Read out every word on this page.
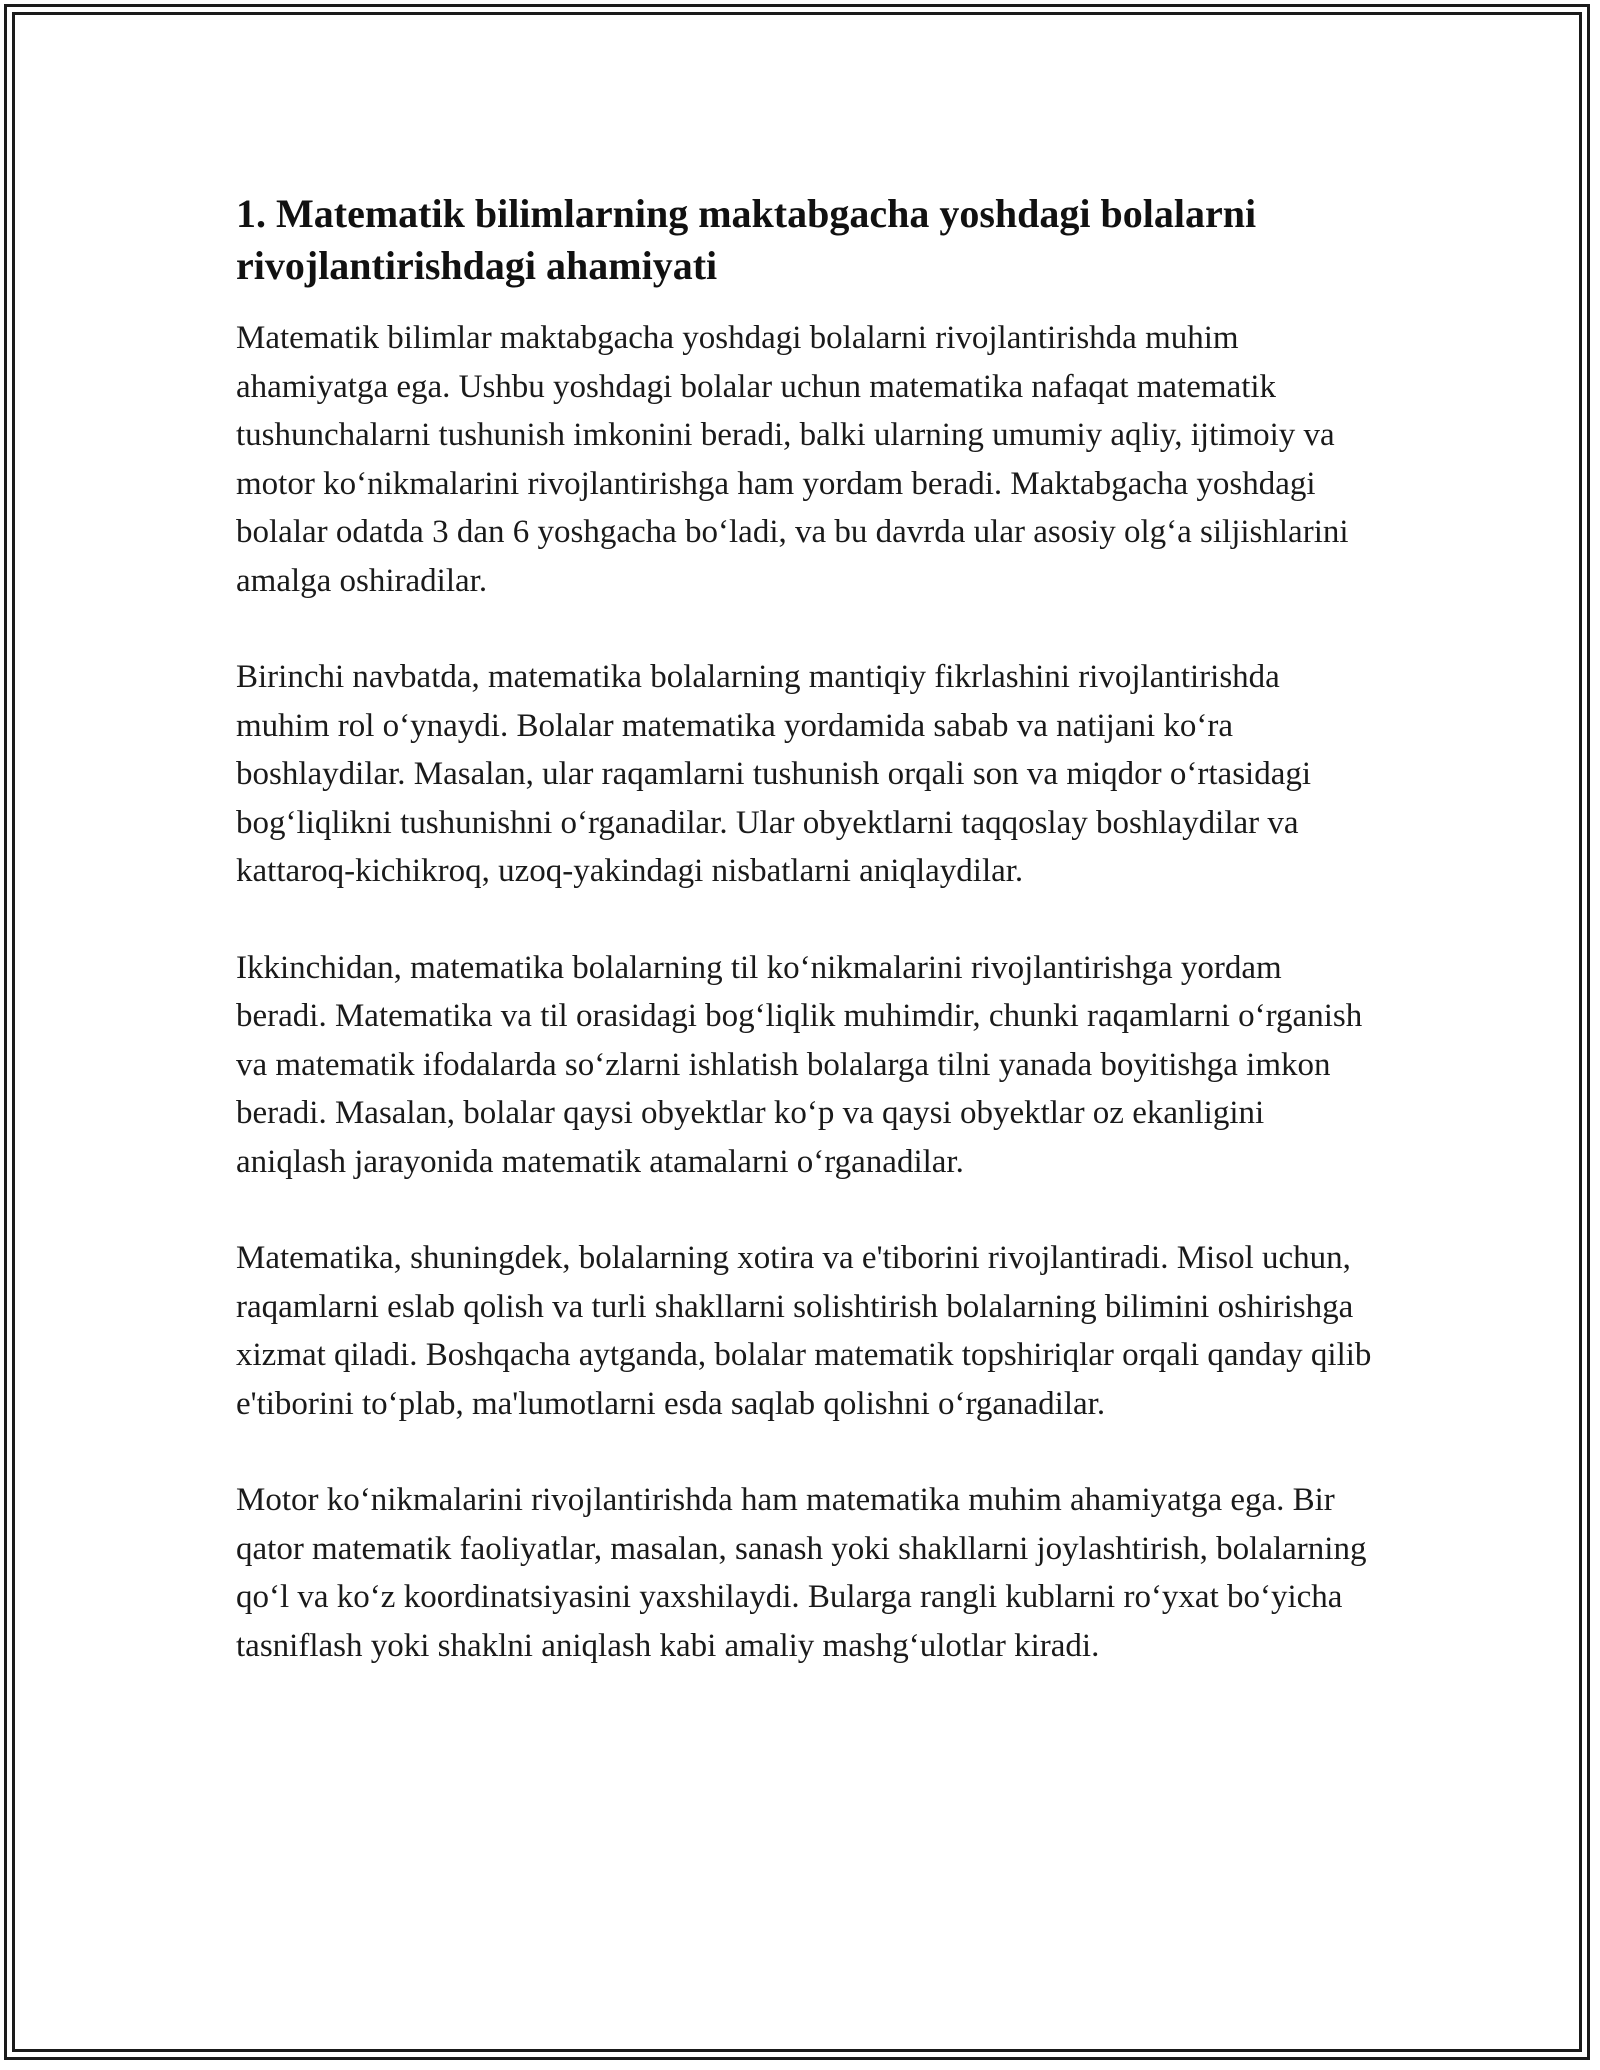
1. Matematik bilimlarning maktabgacha yoshdagi bolalarni rivojlantirishdagi ahamiyati

Matematik bilimlar maktabgacha yoshdagi bolalarni rivojlantirishda muhim ahamiyatga ega. Ushbu yoshdagi bolalar uchun matematika nafaqat matematik tushunchalarni tushunish imkonini beradi, balki ularning umumiy aqliy, ijtimoiy va motor koʻnikmalarini rivojlantirishga ham yordam beradi. Maktabgacha yoshdagi bolalar odatda 3 dan 6 yoshgacha boʻladi, va bu davrda ular asosiy olgʻa siljishlarini amalga oshiradilar.

Birinchi navbatda, matematika bolalarning mantiqiy fikrlashini rivojlantirishda muhim rol oʻynaydi. Bolalar matematika yordamida sabab va natijani koʻra boshlaydilar. Masalan, ular raqamlarni tushunish orqali son va miqdor oʻrtasidagi bogʻliqlikni tushunishni oʻrganadilar. Ular obyektlarni taqqoslay boshlaydilar va kattaroq-kichikroq, uzoq-yakindagi nisbatlarni aniqlaydilar.

Ikkinchidan, matematika bolalarning til koʻnikmalarini rivojlantirishga yordam beradi. Matematika va til orasidagi bogʻliqlik muhimdir, chunki raqamlarni oʻrganish va matematik ifodalarda soʻzlarni ishlatish bolalarga tilni yanada boyitishga imkon beradi. Masalan, bolalar qaysi obyektlar koʻp va qaysi obyektlar oz ekanligini aniqlash jarayonida matematik atamalarni oʻrganadilar.

Matematika, shuningdek, bolalarning xotira va e'tiborini rivojlantiradi. Misol uchun, raqamlarni eslab qolish va turli shakllarni solishtirish bolalarning bilimini oshirishga xizmat qiladi. Boshqacha aytganda, bolalar matematik topshiriqlar orqali qanday qilib e'tiborini toʻplab, ma'lumotlarni esda saqlab qolishni oʻrganadilar.

Motor koʻnikmalarini rivojlantirishda ham matematika muhim ahamiyatga ega. Bir qator matematik faoliyatlar, masalan, sanash yoki shakllarni joylashtirish, bolalarning qoʻl va koʻz koordinatsiyasini yaxshilaydi. Bularga rangli kublarni roʻyxat boʻyicha tasniflash yoki shaklni aniqlash kabi amaliy mashgʻulotlar kiradi.
